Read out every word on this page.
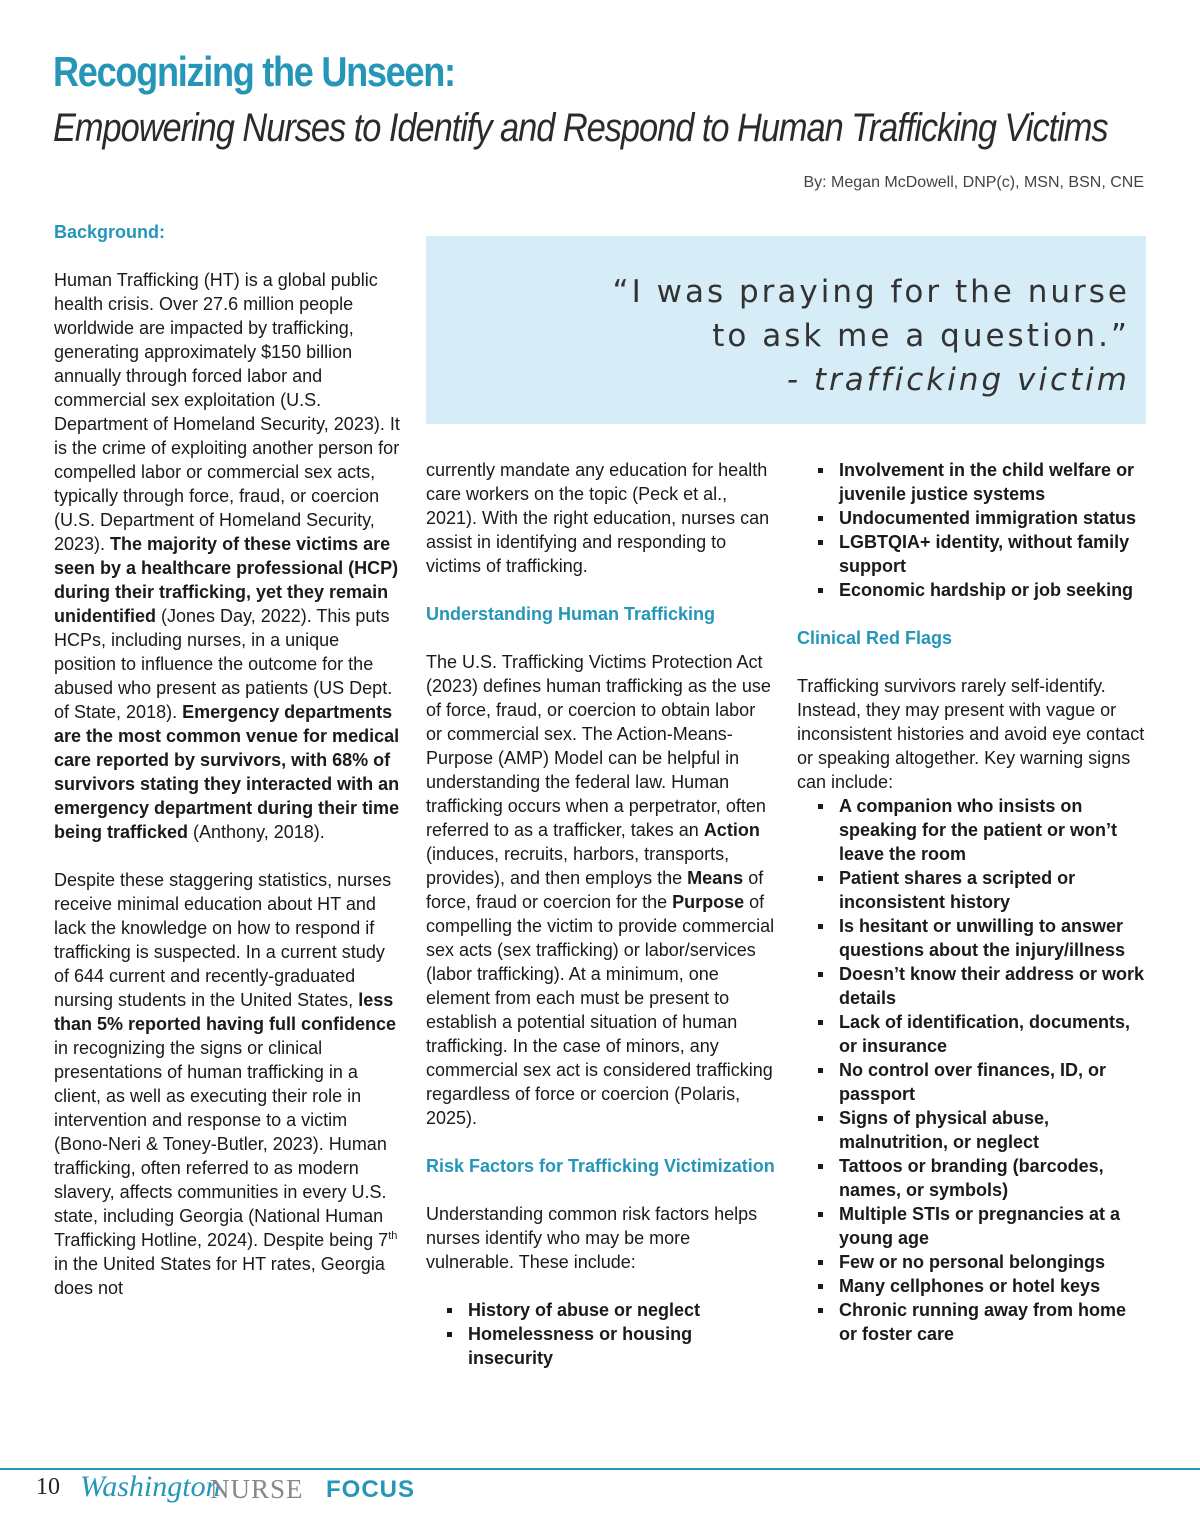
Recognizing the Unseen:
Empowering Nurses to Identify and Respond to Human Trafficking Victims
By: Megan McDowell, DNP(c), MSN, BSN, CNE
“I was praying for the nurse
to ask me a question.”
- trafficking victim
Background:

Human Trafficking (HT) is a global public health crisis. Over 27.6 million people worldwide are impacted by trafficking, generating approximately $150 billion annually through forced labor and commercial sex exploitation (U.S. Department of Homeland Security, 2023). It is the crime of exploiting another person for compelled labor or commercial sex acts, typically through force, fraud, or coercion (U.S. Department of Homeland Security, 2023). The majority of these victims are seen by a healthcare professional (HCP) during their trafficking, yet they remain unidentified (Jones Day, 2022). This puts HCPs, including nurses, in a unique position to influence the outcome for the abused who present as patients (US Dept. of State, 2018). Emergency departments are the most common venue for medical care reported by survivors, with 68% of survivors stating they interacted with an emergency department during their time being trafficked (Anthony, 2018).

Despite these staggering statistics, nurses receive minimal education about HT and lack the knowledge on how to respond if trafficking is suspected. In a current study of 644 current and recently-graduated nursing students in the United States, less than 5% reported having full confidence in recognizing the signs or clinical presentations of human trafficking in a client, as well as executing their role in intervention and response to a victim (Bono-Neri & Toney-Butler, 2023). Human trafficking, often referred to as modern slavery, affects communities in every U.S. state, including Georgia (National Human Trafficking Hotline, 2024). Despite being 7th in the United States for HT rates, Georgia does not

currently mandate any education for health care workers on the topic (Peck et al., 2021). With the right education, nurses can assist in identifying and responding to victims of trafficking.

Understanding Human Trafficking

The U.S. Trafficking Victims Protection Act (2023) defines human trafficking as the use of force, fraud, or coercion to obtain labor or commercial sex. The Action-Means-Purpose (AMP) Model can be helpful in understanding the federal law. Human trafficking occurs when a perpetrator, often referred to as a trafficker, takes an Action (induces, recruits, harbors, transports, provides), and then employs the Means of force, fraud or coercion for the Purpose of compelling the victim to provide commercial sex acts (sex trafficking) or labor/services (labor trafficking). At a minimum, one element from each must be present to establish a potential situation of human trafficking. In the case of minors, any commercial sex act is considered trafficking regardless of force or coercion (Polaris, 2025).

Risk Factors for Trafficking Victimization

Understanding common risk factors helps nurses identify who may be more vulnerable. These include:

History of abuse or neglect
Homelessness or housing insecurity
Involvement in the child welfare or juvenile justice systems
Undocumented immigration status
LGBTQIA+ identity, without family support
Economic hardship or job seeking
Clinical Red Flags

Trafficking survivors rarely self-identify. Instead, they may present with vague or inconsistent histories and avoid eye contact or speaking altogether. Key warning signs can include:

A companion who insists on speaking for the patient or won’t leave the room
Patient shares a scripted or inconsistent history
Is hesitant or unwilling to answer questions about the injury/illness
Doesn’t know their address or work details
Lack of identification, documents, or insurance
No control over finances, ID, or passport
Signs of physical abuse, malnutrition, or neglect
Tattoos or branding (barcodes, names, or symbols)
Multiple STIs or pregnancies at a young age
Few or no personal belongings
Many cellphones or hotel keys
Chronic running away from home or foster care
10 Washington
NURSE FOCUS
